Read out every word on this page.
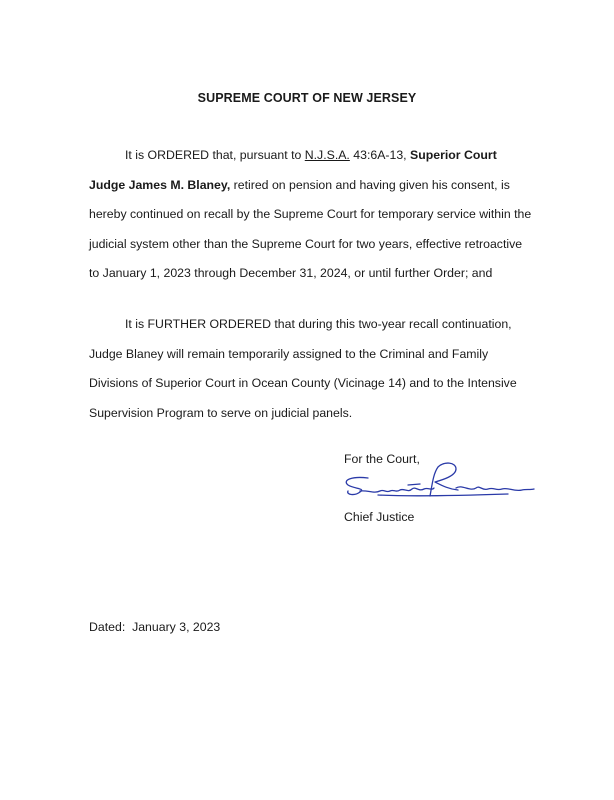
SUPREME COURT OF NEW JERSEY
It is ORDERED that, pursuant to N.J.S.A. 43:6A-13, Superior Court
Judge James M. Blaney, retired on pension and having given his consent, is
hereby continued on recall by the Supreme Court for temporary service within the
judicial system other than the Supreme Court for two years, effective retroactive
to January 1, 2023 through December 31, 2024, or until further Order; and
It is FURTHER ORDERED that during this two-year recall continuation,
Judge Blaney will remain temporarily assigned to the Criminal and Family
Divisions of Superior Court in Ocean County (Vicinage 14) and to the Intensive
Supervision Program to serve on judicial panels.
For the Court,
Chief Justice
Dated:  January 3, 2023
